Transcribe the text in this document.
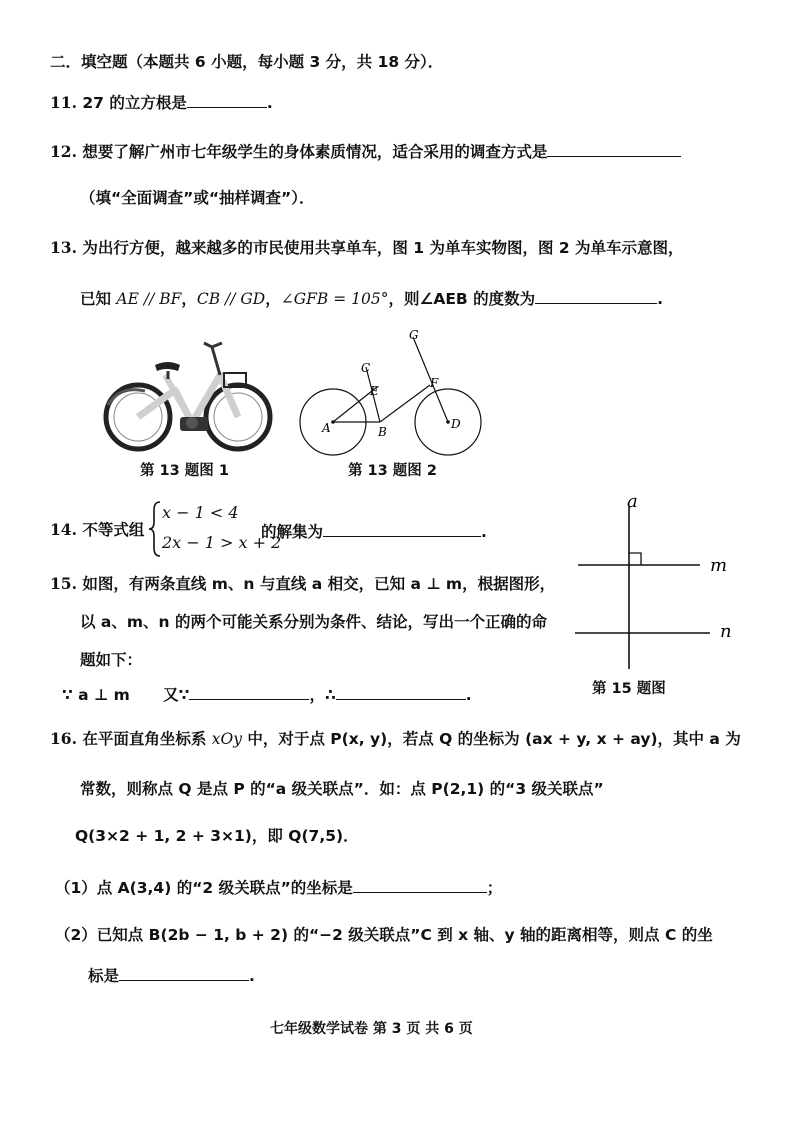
二．填空题（本题共 6 小题，每小题 3 分，共 18 分）．
11. 27 的立方根是	.
12. 想要了解广州市七年级学生的身体素质情况，适合采用的调查方式是
（填“全面调查”或“抽样调查”）．
13. 为出行方便，越来越多的市民使用共享单车，图 1 为单车实物图，图 2 为单车示意图，
已知 AE // BF，CB // GD，∠GFB = 105°，则∠AEB 的度数为	.
A	B
C
D
E
F
G
第 13 题图 1	第 13 题图 2
14. 不等式组
x − 1 < 4
2x − 1 > x + 2
的解集为	.
15. 如图，有两条直线 m、n 与直线 a 相交，已知 a ⊥ m，根据图形，
以 a、m、n 的两个可能关系分别为条件、结论，写出一个正确的命
题如下：
∵ a ⊥ m 又∵	，∴	.
a
m
n
第 15 题图
16. 在平面直角坐标系 xOy 中，对于点 P(x, y)，若点 Q 的坐标为 (ax + y, x + ay)，其中 a 为
常数，则称点 Q 是点 P 的“a 级关联点”．如：点 P(2,1) 的“3 级关联点”
Q(3×2 + 1, 2 + 3×1)，即 Q(7,5)．
（1）点 A(3,4) 的“2 级关联点”的坐标是	；
（2）已知点 B(2b − 1, b + 2) 的“−2 级关联点”C 到 x 轴、y 轴的距离相等，则点 C 的坐
标是	.
七年级数学试卷 第 3 页 共 6 页
